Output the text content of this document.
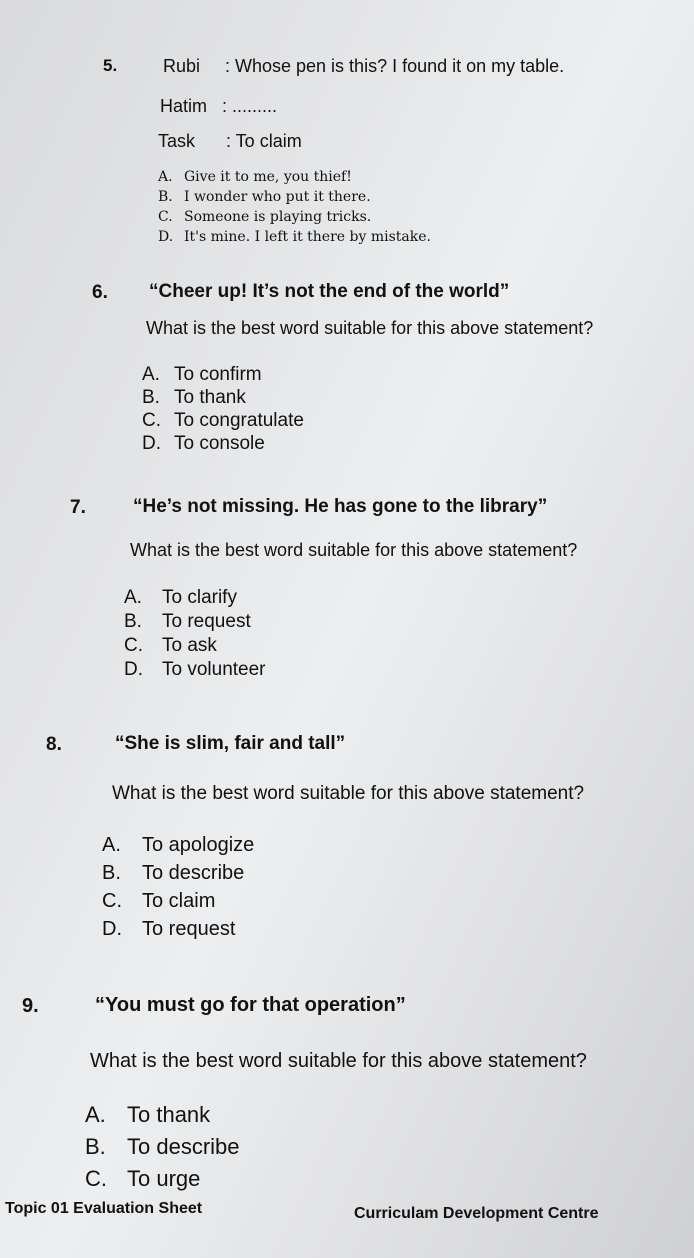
5.	Rubi : Whose pen is this? I found it on my table.
Hatim : .........
Task : To claim
A. Give it to me, you thief!
B. I wonder who put it there.
C. Someone is playing tricks.
D. It's mine. I left it there by mistake.
6. “Cheer up! It’s not the end of the world”
What is the best word suitable for this above statement?
A. To confirm
B. To thank
C. To congratulate
D. To console
7. “He’s not missing. He has gone to the library”
What is the best word suitable for this above statement?
A.	To clarify
B.	To request
C.	To ask
D.	To volunteer
8.	“She is slim, fair and tall”
What is the best word suitable for this above statement?
A.	To apologize
B.	To describe
C.	To claim
D.	To request
9.	“You must go for that operation”
What is the best word suitable for this above statement?
A. To thank
B. To describe
C. To urge
Topic 01 Evaluation Sheet	Curriculam Development Centre
